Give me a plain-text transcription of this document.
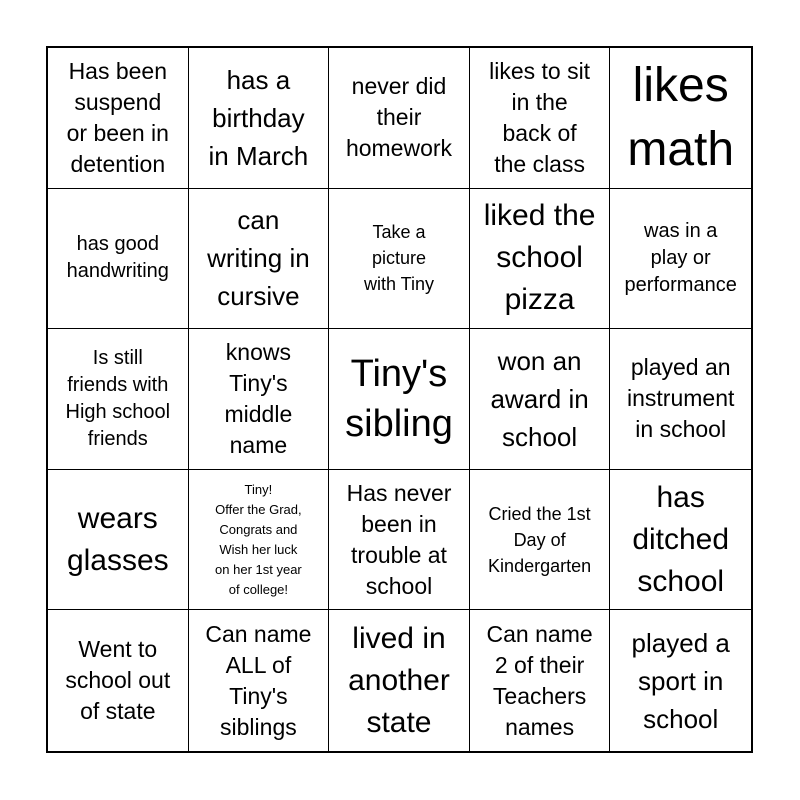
Has been
suspend
or been in
detention
has a
birthday
in March
never did
their
homework
likes to sit
in the
back of
the class
likes
math
has good
handwriting
can
writing in
cursive
Take a
picture
with Tiny
liked the
school
pizza
was in a
play or
performance
Is still
friends with
High school
friends
knows
Tiny's
middle
name
Tiny's
sibling
won an
award in
school
played an
instrument
in school
wears
glasses
Tiny!
Offer the Grad,
Congrats and
Wish her luck
on her 1st year
of college!
Has never
been in
trouble at
school
Cried the 1st
Day of
Kindergarten
has
ditched
school
Went to
school out
of state
Can name
ALL of
Tiny's
siblings
lived in
another
state
Can name
2 of their
Teachers
names
played a
sport in
school
